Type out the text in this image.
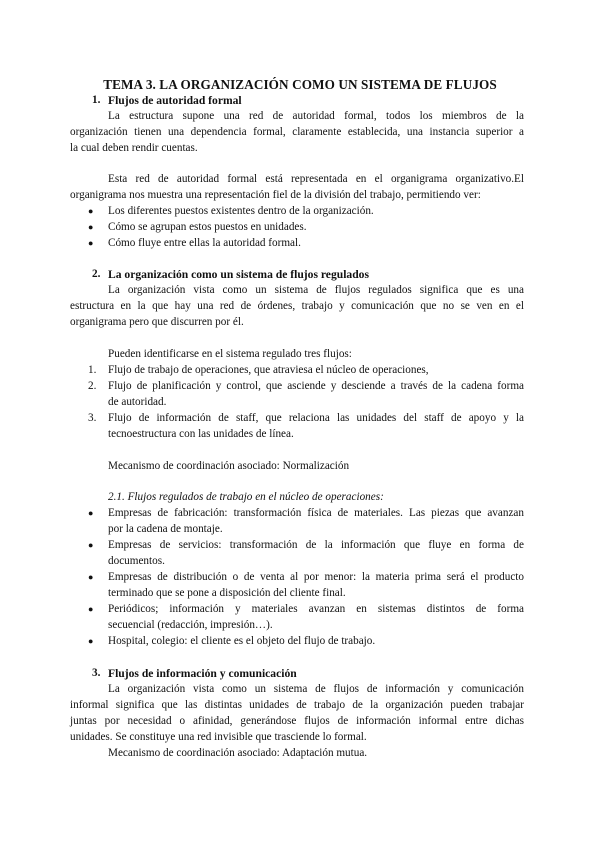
TEMA 3. LA ORGANIZACIÓN COMO UN SISTEMA DE FLUJOS
1. Flujos de autoridad formal
La estructura supone una red de autoridad formal, todos los miembros de la
organización tienen una dependencia formal, claramente establecida, una instancia superior a
la cual deben rendir cuentas.
Esta red de autoridad formal está representada en el organigrama organizativo.El
organigrama nos muestra una representación fiel de la división del trabajo, permitiendo ver:
● Los diferentes puestos existentes dentro de la organización.
● Cómo se agrupan estos puestos en unidades.
● Cómo fluye entre ellas la autoridad formal.
2. La organización como un sistema de flujos regulados
La organización vista como un sistema de flujos regulados significa que es una
estructura en la que hay una red de órdenes, trabajo y comunicación que no se ven en el
organigrama pero que discurren por él.
Pueden identificarse en el sistema regulado tres flujos:
1. Flujo de trabajo de operaciones, que atraviesa el núcleo de operaciones,
2. Flujo de planificación y control, que asciende y desciende a través de la cadena forma
de autoridad.
3. Flujo de información de staff, que relaciona las unidades del staff de apoyo y la
tecnoestructura con las unidades de línea.
Mecanismo de coordinación asociado: Normalización
2.1. Flujos regulados de trabajo en el núcleo de operaciones:
● Empresas de fabricación: transformación física de materiales. Las piezas que avanzan
por la cadena de montaje.
● Empresas de servicios: transformación de la información que fluye en forma de
documentos.
● Empresas de distribución o de venta al por menor: la materia prima será el producto
terminado que se pone a disposición del cliente final.
● Periódicos; información y materiales avanzan en sistemas distintos de forma
secuencial (redacción, impresión…).
● Hospital, colegio: el cliente es el objeto del flujo de trabajo.
3. Flujos de información y comunicación
La organización vista como un sistema de flujos de información y comunicación
informal significa que las distintas unidades de trabajo de la organización pueden trabajar
juntas por necesidad o afinidad, generándose flujos de información informal entre dichas
unidades. Se constituye una red invisible que trasciende lo formal.
Mecanismo de coordinación asociado: Adaptación mutua.
